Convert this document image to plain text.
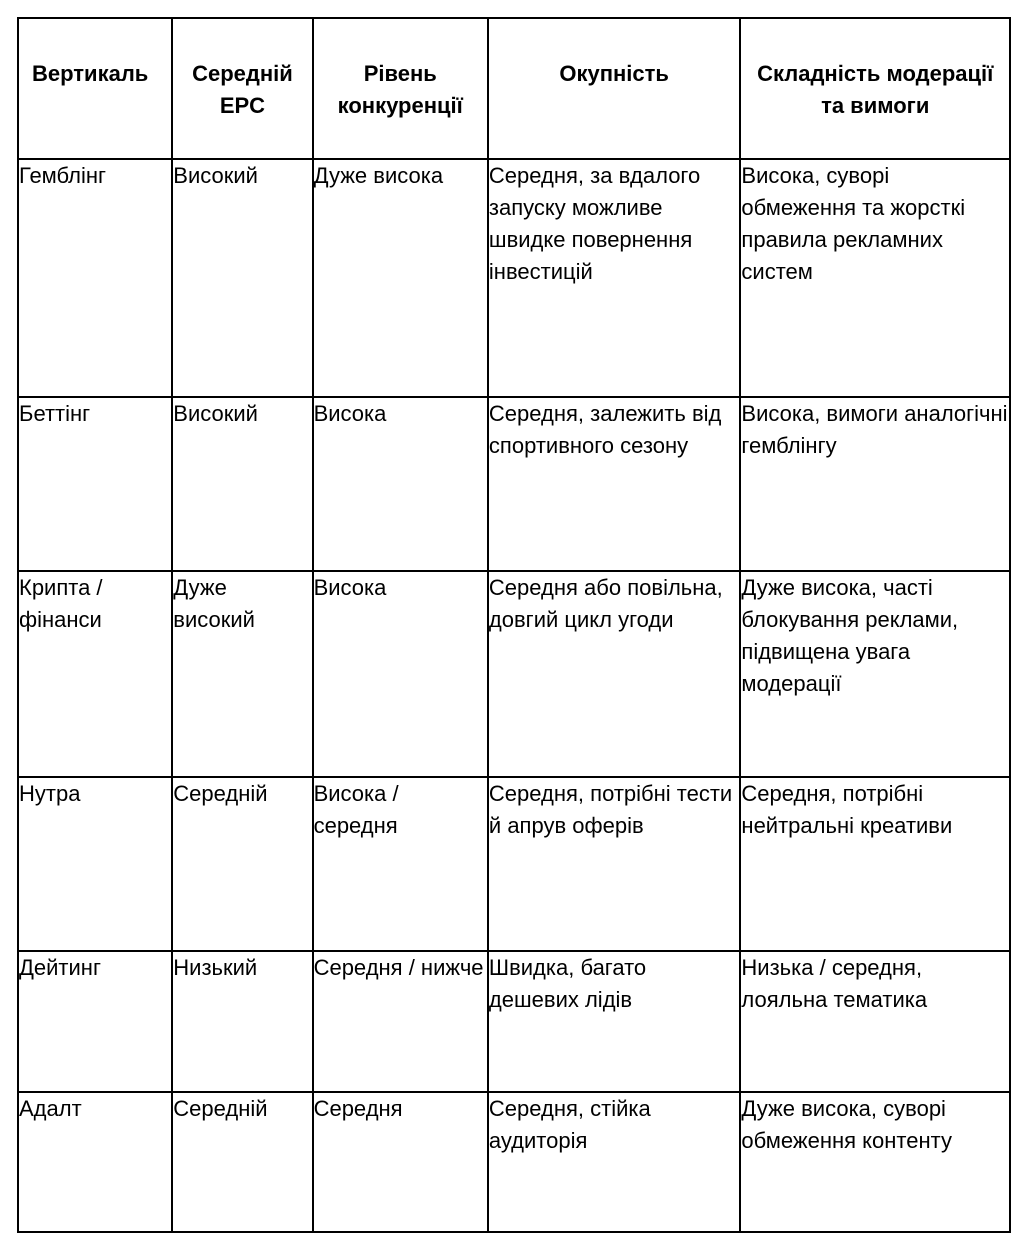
Вертикаль	Середній EPC	Рівень конкуренції	Окупність	Складність модерації та вимоги

Гемблінг	Високий	Дуже висока	Середня, за вдалого запуску можливе швидке повернення інвестицій	Висока, суворі обмеження та жорсткі правила рекламних систем
Беттінг	Високий	Висока	Середня, залежить від спортивного сезону	Висока, вимоги аналогічні гемблінгу
Крипта / фінанси	Дуже високий	Висока	Середня або повільна, довгий цикл угоди	Дуже висока, часті блокування реклами, підвищена увага модерації
Нутра	Середній	Висока / середня	Середня, потрібні тести й апрув оферів	Середня, потрібні нейтральні креативи
Дейтинг	Низький	Середня / нижче	Швидка, багато дешевих лідів	Низька / середня, лояльна тематика
Адалт	Середній	Середня	Середня, стійка аудиторія	Дуже висока, суворі обмеження контенту
